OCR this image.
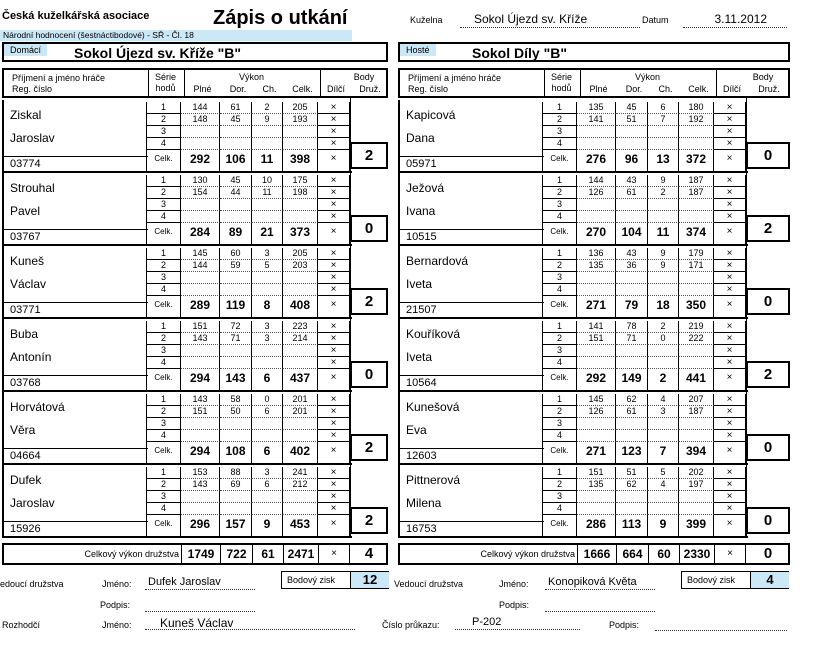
Česká kuželkářská asociace	Zápis o utkání
Národní hodnocení (šestnáctibodové) - SŘ - Čl. 18
Kuželna	Sokol Újezd sv. Kříže	Datum	3.11.2012
Domácí	Sokol Újezd sv. Kříže "B"	Hosté	Sokol Díly "B"
Příjmení a jméno hráče
Reg. číslo
Série
hodů
Výkon
Plné	Dor.	Ch.	Celk.
Body
Dílčí	Druž.
Ziskal
Jaroslav
03774
1	144	61	2	205	×
2	148	45	9	193	×
3	×
4	×
Celk.	292	106	11	398	×	2
Strouhal
Pavel
03767
1	130	45	10	175	×
2	154	44	11	198	×
3	×
4	×
Celk.	284	89	21	373	×	0
Kuneš
Václav
03771
1	145	60	3	205	×
2	144	59	5	203	×
3	×
4	×
Celk.	289	119	8	408	×	2
Buba
Antonín
03768
1	151	72	3	223	×
2	143	71	3	214	×
3	×
4	×
Celk.	294	143	6	437	×	0
Horvátová
Věra
04664
1	143	58	0	201	×
2	151	50	6	201	×
3	×
4	×
Celk.	294	108	6	402	×	2
Dufek
Jaroslav
15926
1	153	88	3	241	×
2	143	69	6	212	×
3	×
4	×
Celk.	296	157	9	453	×	2
Celkový výkon družstva 1749	722	61	2471	×	4
Příjmení a jméno hráče
Reg. číslo
Série
hodů
Výkon
Plné	Dor.	Ch.	Celk.
Body
Dílčí	Druž.
Kapicová
Dana
05971
1	135	45	6	180	×
2	141	51	7	192	×
3	×
4	×
Celk.	276	96	13	372	×	0
Ježová
Ivana
10515
1	144	43	9	187	×
2	126	61	2	187	×
3	×
4	×
Celk.	270	104	11	374	×	2
Bernardová
Iveta
21507
1	136	43	9	179	×
2	135	36	9	171	×
3	×
4	×
Celk.	271	79	18	350	×	0
Kouříková
Iveta
10564
1	141	78	2	219	×
2	151	71	0	222	×
3	×
4	×
Celk.	292	149	2	441	×	2
Kunešová
Eva
12603
1	145	62	4	207	×
2	126	61	3	187	×
3	×
4	×
Celk.	271	123	7	394	×	0
Pittnerová
Milena
16753
1	151	51	5	202	×
2	135	62	4	197	×
3	×
4	×
Celk.	286	113	9	399	×	0
Celkový výkon družstva 1666	664	60	2330	×	0
edoucí družstva	Jméno: Dufek Jaroslav
Podpis:
Bodový zisk	12	Vedoucí družstva	Jméno: Konopiková Květa
Podpis:
Bodový zisk	4
Rozhodčí	Jméno:	Kuneš Václav	Číslo průkazu:	P-202	Podpis:
